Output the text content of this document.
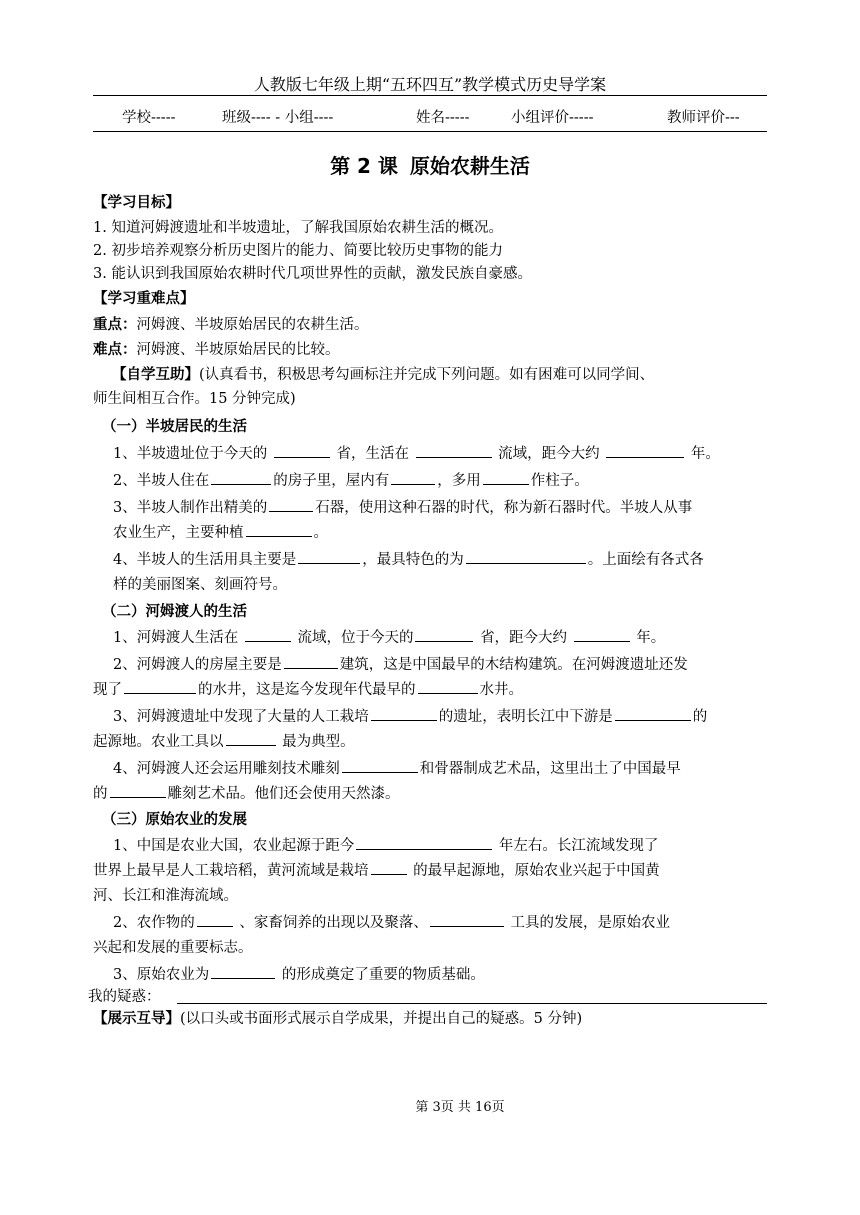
人教版七年级上期“五环四互”教学模式历史导学案
学校-----	班级---- - 小组----	姓名-----	小组评价-----	教师评价---
第 2 课 原始农耕生活
【学习目标】
1. 知道河姆渡遗址和半坡遗址，了解我国原始农耕生活的概况。
2. 初步培养观察分析历史图片的能力、简要比较历史事物的能力
3. 能认识到我国原始农耕时代几项世界性的贡献，激发民族自豪感。
【学习重难点】
重点：河姆渡、半坡原始居民的农耕生活。
难点：河姆渡、半坡原始居民的比较。
【自学互助】(认真看书，积极思考勾画标注并完成下列问题。如有困难可以同学间、
师生间相互合作。15 分钟完成)
（一）半坡居民的生活
1、半坡遗址位于今天的	省，生活在	流域，距今大约	年。
2、半坡人住在	的房子里，屋内有	，多用	作柱子。
3、半坡人制作出精美的	石器，使用这种石器的时代，称为新石器时代。半坡人从事
农业生产，主要种植	。
4、半坡人的生活用具主要是	，最具特色的为	。上面绘有各式各
样的美丽图案、刻画符号。
（二）河姆渡人的生活
1、河姆渡人生活在	流域，位于今天的	省，距今大约	年。
2、河姆渡人的房屋主要是	建筑，这是中国最早的木结构建筑。在河姆渡遗址还发
现了	的水井，这是迄今发现年代最早的	水井。
3、河姆渡遗址中发现了大量的人工栽培	的遗址，表明长江中下游是	的
起源地。农业工具以	最为典型。
4、河姆渡人还会运用雕刻技术雕刻	和骨器制成艺术品，这里出土了中国最早
的	雕刻艺术品。他们还会使用天然漆。
（三）原始农业的发展
1、中国是农业大国，农业起源于距今	年左右。长江流域发现了
世界上最早是人工栽培稻，黄河流域是栽培	的最早起源地，原始农业兴起于中国黄
河、长江和淮海流域。
2、农作物的	、家畜饲养的出现以及聚落、	工具的发展，是原始农业
兴起和发展的重要标志。
3、原始农业为	的形成奠定了重要的物质基础。
我的疑惑：
【展示互导】(以口头或书面形式展示自学成果，并提出自己的疑惑。5 分钟)
第 3页 共 16页
